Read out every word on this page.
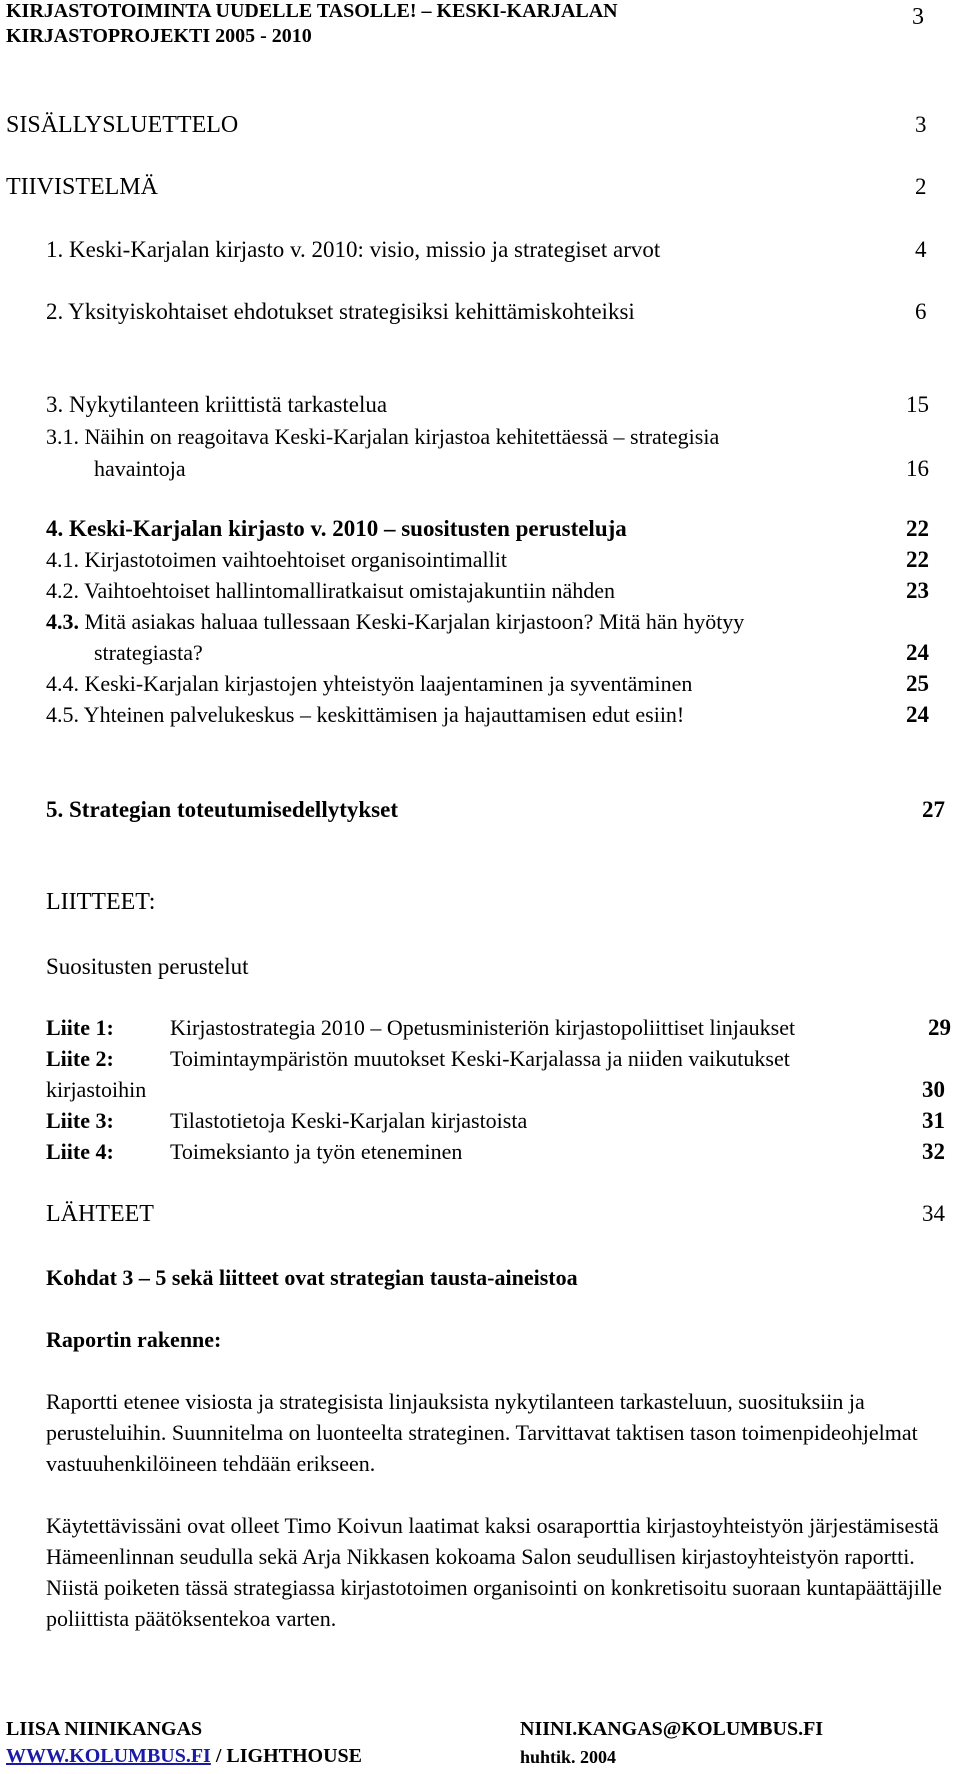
KIRJASTOTOIMINTA UUDELLE TASOLLE! – KESKI-KARJALAN
KIRJASTOPROJEKTI 2005 - 2010
3
SISÄLLYSLUETTELO	3
TIIVISTELMÄ	2
1. Keski-Karjalan kirjasto v. 2010: visio, missio ja strategiset arvot	4
2. Yksityiskohtaiset ehdotukset strategisiksi kehittämiskohteiksi	6
3. Nykytilanteen kriittistä tarkastelua	15
3.1. Näihin on reagoitava Keski-Karjalan kirjastoa kehitettäessä – strategisia
havaintoja	16
4. Keski-Karjalan kirjasto v. 2010 – suositusten perusteluja	22
4.1. Kirjastotoimen vaihtoehtoiset organisointimallit	22
4.2. Vaihtoehtoiset hallintomalliratkaisut omistajakuntiin nähden	23
4.3. Mitä asiakas haluaa tullessaan Keski-Karjalan kirjastoon? Mitä hän hyötyy
strategiasta?	24
4.4. Keski-Karjalan kirjastojen yhteistyön laajentaminen ja syventäminen	25
4.5. Yhteinen palvelukeskus – keskittämisen ja hajauttamisen edut esiin!	24
5. Strategian toteutumisedellytykset	27
LIITTEET:
Suositusten perustelut
Liite 1:	Kirjastostrategia 2010 – Opetusministeriön kirjastopoliittiset linjaukset	29
Liite 2:	Toimintaympäristön muutokset Keski-Karjalassa ja niiden vaikutukset
kirjastoihin	30
Liite 3:	Tilastotietoja Keski-Karjalan kirjastoista	31
Liite 4:	Toimeksianto ja työn eteneminen	32
LÄHTEET	34
Kohdat 3 – 5 sekä liitteet ovat strategian tausta-aineistoa
Raportin rakenne:
Raportti etenee visiosta ja strategisista linjauksista nykytilanteen tarkasteluun, suosituksiin ja perusteluihin. Suunnitelma on luonteelta strateginen. Tarvittavat taktisen tason toimenpideohjelmat vastuuhenkilöineen tehdään erikseen.
Käytettävissäni ovat olleet Timo Koivun laatimat kaksi osaraporttia kirjastoyhteistyön järjestämisestä Hämeenlinnan seudulla sekä Arja Nikkasen kokoama Salon seudullisen kirjastoyhteistyön raportti. Niistä poiketen tässä strategiassa kirjastotoimen organisointi on konkretisoitu suoraan kuntapäättäjille poliittista päätöksentekoa varten.
LIISA NIINIKANGAS	NIINI.KANGAS@KOLUMBUS.FI
WWW.KOLUMBUS.FI / LIGHTHOUSE	huhtik. 2004
